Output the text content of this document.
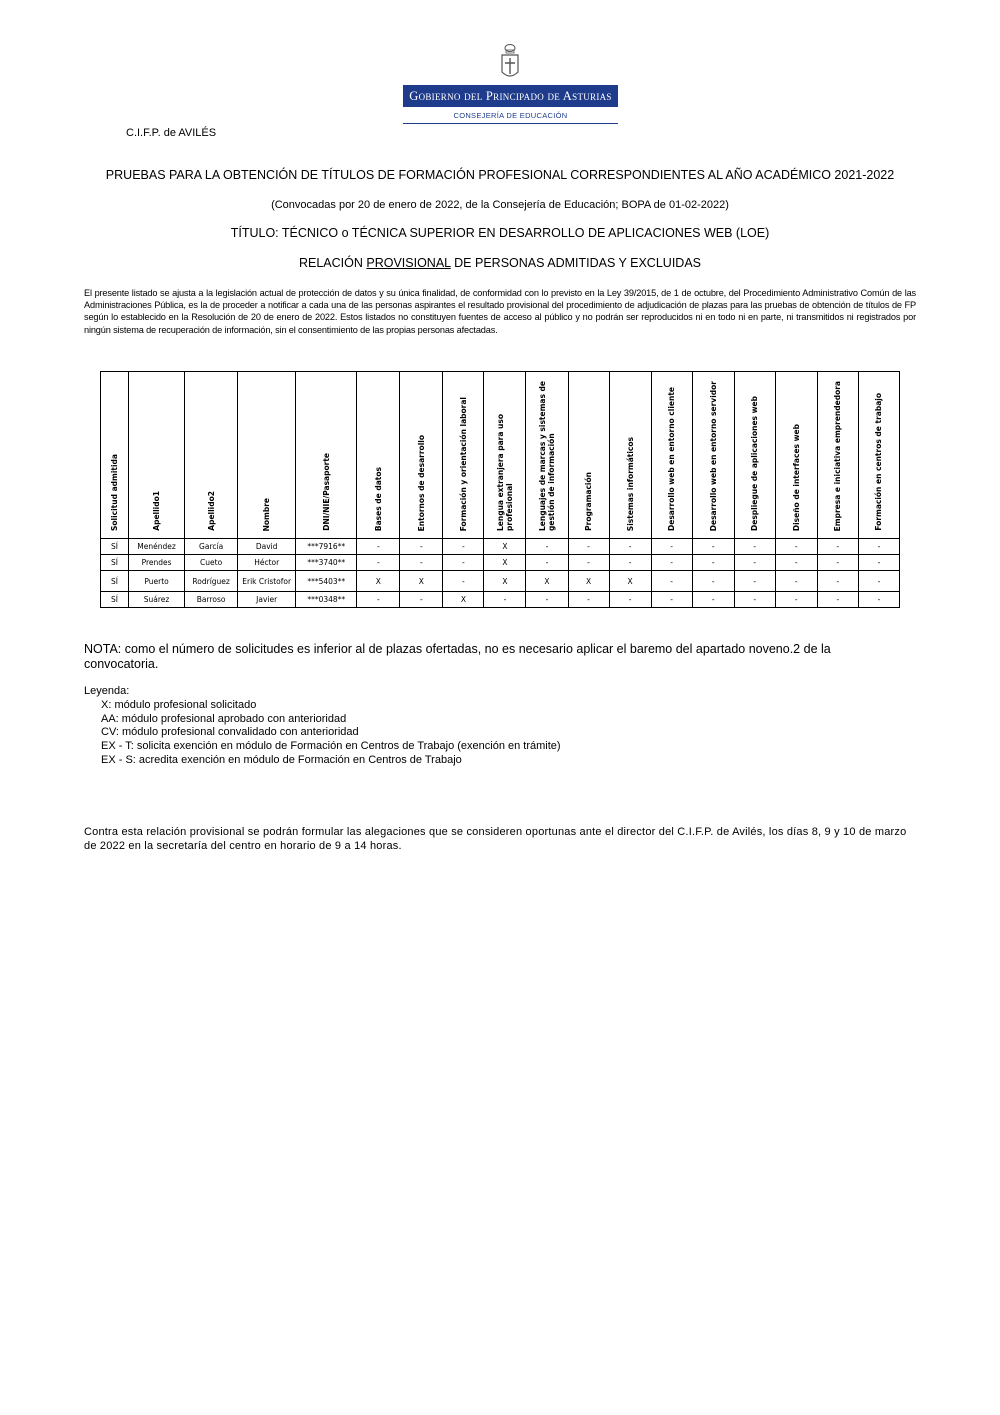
Gobierno del Principado de Asturias
CONSEJERÍA DE EDUCACIÓN
C.I.F.P. de AVILÉS
PRUEBAS PARA LA OBTENCIÓN DE TÍTULOS DE FORMACIÓN PROFESIONAL CORRESPONDIENTES AL AÑO ACADÉMICO 2021-2022
(Convocadas por 20 de enero de 2022, de la Consejería de Educación; BOPA de 01-02-2022)
TÍTULO: TÉCNICO o TÉCNICA SUPERIOR EN DESARROLLO DE APLICACIONES WEB (LOE)
RELACIÓN PROVISIONAL DE PERSONAS ADMITIDAS Y EXCLUIDAS
El presente listado se ajusta a la legislación actual de protección de datos y su única finalidad, de conformidad con lo previsto en la Ley 39/2015, de 1 de octubre, del Procedimiento Administrativo Común de las Administraciones Pública, es la de proceder a notificar a cada una de las personas aspirantes el resultado provisional del procedimiento de adjudicación de plazas para las pruebas de obtención de títulos de FP según lo establecido en la Resolución de 20 de enero de 2022. Estos listados no constituyen fuentes de acceso al público y no podrán ser reproducidos ni en todo ni en parte, ni transmitidos ni registrados por ningún sistema de recuperación de información, sin el consentimiento de las propias personas afectadas.
Solicitud admitida	Apellido1	Apellido2	Nombre	DNI/NIE/Pasaporte	Bases de datos	Entornos de desarrollo	Formación y orientación laboral	Lengua extranjera para uso profesional	Lenguajes de marcas y sistemas de gestión de información	Programación	Sistemas informáticos	Desarrollo web en entorno cliente	Desarrollo web en entorno servidor	Despliegue de aplicaciones web	Diseño de interfaces web	Empresa e iniciativa emprendedora	Formación en centros de trabajo
SÍ	Menéndez	García	David	***7916**	-	-	-	X	-	-	-	-	-	-	-	-	-
SÍ	Prendes	Cueto	Héctor	***3740**	-	-	-	X	-	-	-	-	-	-	-	-	-
SÍ	Puerto	Rodríguez	Erik Cristofor	***5403**	X	X	-	X	X	X	X	-	-	-	-	-	-
SÍ	Suárez	Barroso	Javier	***0348**	-	-	X	-	-	-	-	-	-	-	-	-	-
NOTA: como el número de solicitudes es inferior al de plazas ofertadas, no es necesario aplicar el baremo del apartado noveno.2 de la convocatoria.
Leyenda:
X: módulo profesional solicitado
AA: módulo profesional aprobado con anterioridad
CV: módulo profesional convalidado con anterioridad
EX - T: solicita exención en módulo de Formación en Centros de Trabajo (exención en trámite)
EX - S: acredita exención en módulo de Formación en Centros de Trabajo
Contra esta relación provisional se podrán formular las alegaciones que se consideren oportunas ante el director del C.I.F.P. de Avilés, los días 8, 9 y 10 de marzo de 2022 en la secretaría del centro en horario de 9 a 14 horas.
